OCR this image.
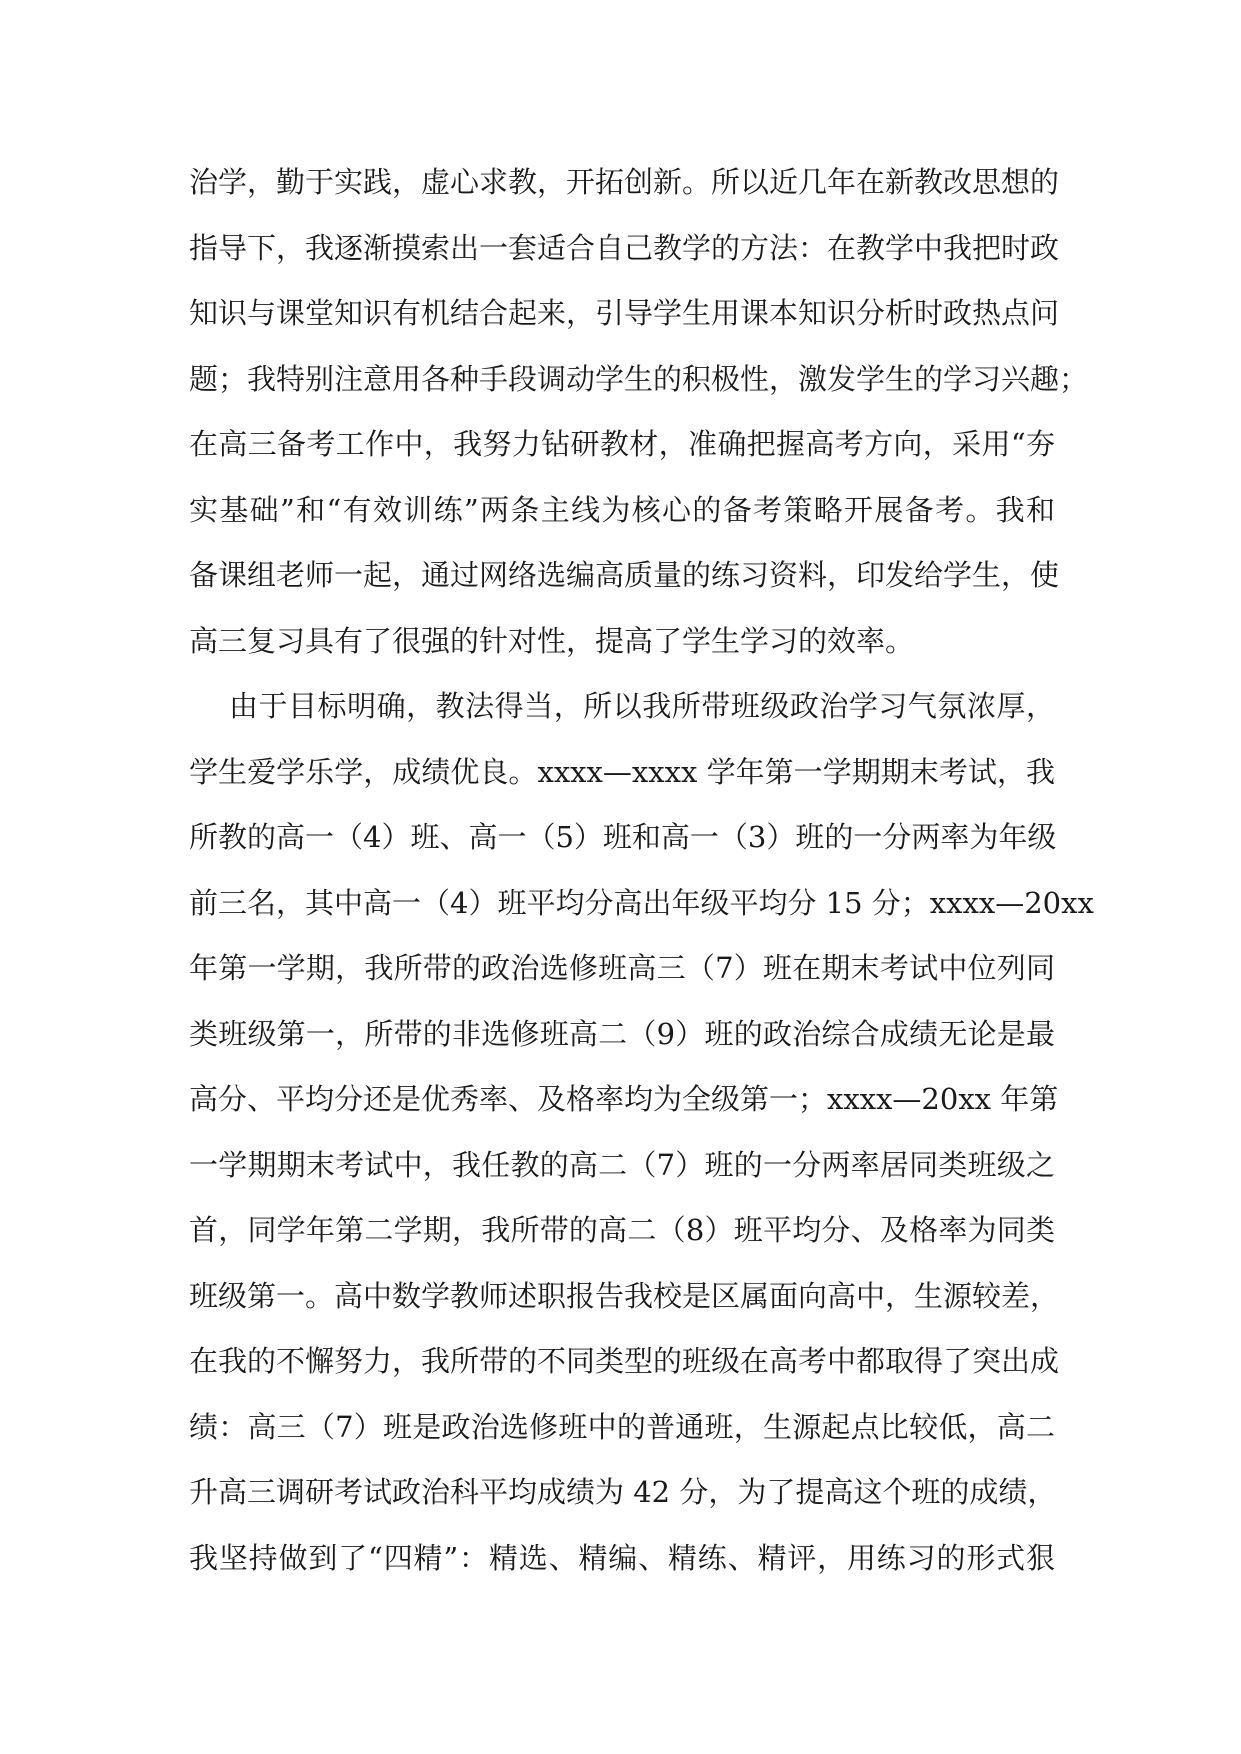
治学，勤于实践，虚心求教，开拓创新。所以近几年在新教改思想的
指导下，我逐渐摸索出一套适合自己教学的方法：在教学中我把时政
知识与课堂知识有机结合起来，引导学生用课本知识分析时政热点问
题；我特别注意用各种手段调动学生的积极性，激发学生的学习兴趣；
在高三备考工作中，我努力钻研教材，准确把握高考方向，采用“夯
实基础”和“有效训练”两条主线为核心的备考策略开展备考。我和
备课组老师一起，通过网络选编高质量的练习资料，印发给学生，使
高三复习具有了很强的针对性，提高了学生学习的效率。
由于目标明确，教法得当，所以我所带班级政治学习气氛浓厚，
学生爱学乐学，成绩优良。xxxx—xxxx 学年第一学期期末考试，我
所教的高一（4）班、高一（5）班和高一（3）班的一分两率为年级
前三名，其中高一（4）班平均分高出年级平均分 15 分；xxxx—20xx
年第一学期，我所带的政治选修班高三（7）班在期末考试中位列同
类班级第一，所带的非选修班高二（9）班的政治综合成绩无论是最
高分、平均分还是优秀率、及格率均为全级第一；xxxx—20xx 年第
一学期期末考试中，我任教的高二（7）班的一分两率居同类班级之
首，同学年第二学期，我所带的高二（8）班平均分、及格率为同类
班级第一。高中数学教师述职报告我校是区属面向高中，生源较差，
在我的不懈努力，我所带的不同类型的班级在高考中都取得了突出成
绩：高三（7）班是政治选修班中的普通班，生源起点比较低，高二
升高三调研考试政治科平均成绩为 42 分，为了提高这个班的成绩，
我坚持做到了“四精”：精选、精编、精练、精评，用练习的形式狠
